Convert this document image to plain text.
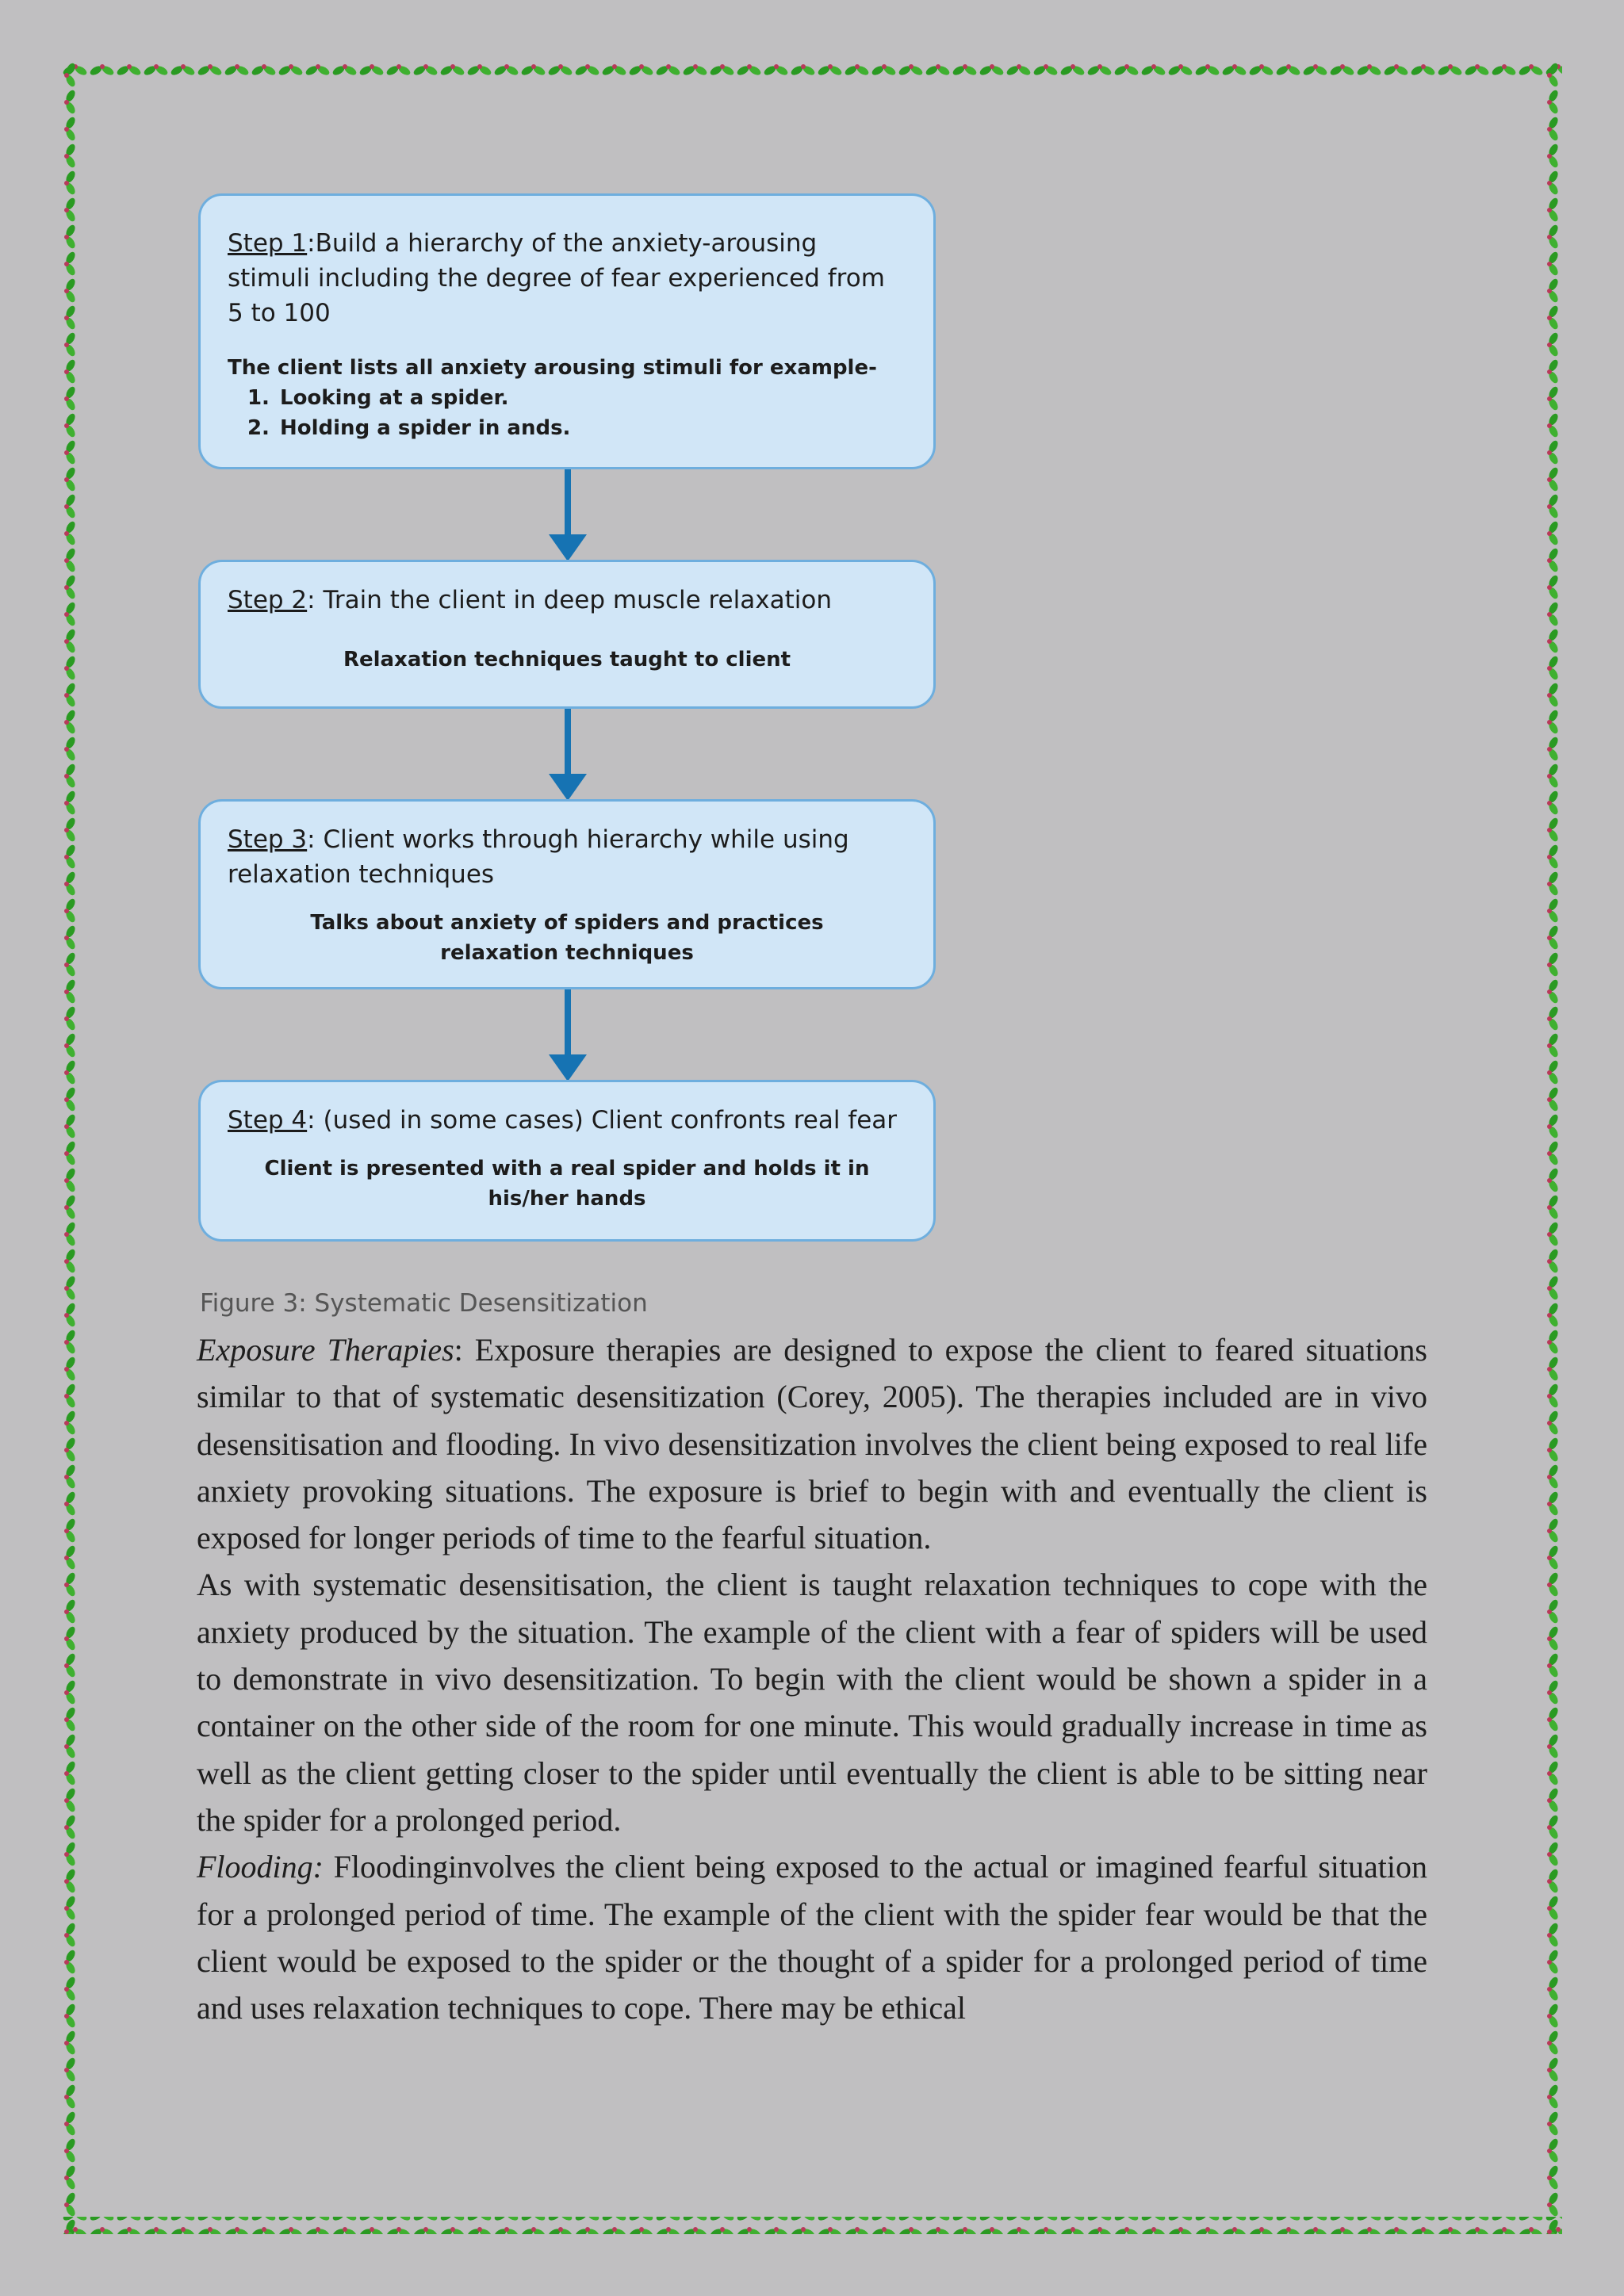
Step 1:Build a hierarchy of the anxiety-arousing stimuli including the degree of fear experienced from 5 to 100
The client lists all anxiety arousing stimuli for example-
1. Looking at a spider.
2. Holding a spider in ands.
Step 2: Train the client in deep muscle relaxation
Relaxation techniques taught to client
Step 3: Client works through hierarchy while using relaxation techniques
Talks about anxiety of spiders and practices relaxation techniques
Step 4: (used in some cases) Client confronts real fear
Client is presented with a real spider and holds it in his/her hands
Figure 3: Systematic Desensitization

Exposure Therapies: Exposure therapies are designed to expose the client to feared situations similar to that of systematic desensitization (Corey, 2005). The therapies included are in vivo desensitisation and flooding. In vivo desensitization involves the client being exposed to real life anxiety provoking situations. The exposure is brief to begin with and eventually the client is exposed for longer periods of time to the fearful situation.

As with systematic desensitisation, the client is taught relaxation techniques to cope with the anxiety produced by the situation. The example of the client with a fear of spiders will be used to demonstrate in vivo desensitization. To begin with the client would be shown a spider in a container on the other side of the room for one minute. This would gradually increase in time as well as the client getting closer to the spider until eventually the client is able to be sitting near the spider for a prolonged period.

Flooding: Floodinginvolves the client being exposed to the actual or imagined fearful situation for a prolonged period of time. The example of the client with the spider fear would be that the client would be exposed to the spider or the thought of a spider for a prolonged period of time and uses relaxation techniques to cope. There may be ethical
